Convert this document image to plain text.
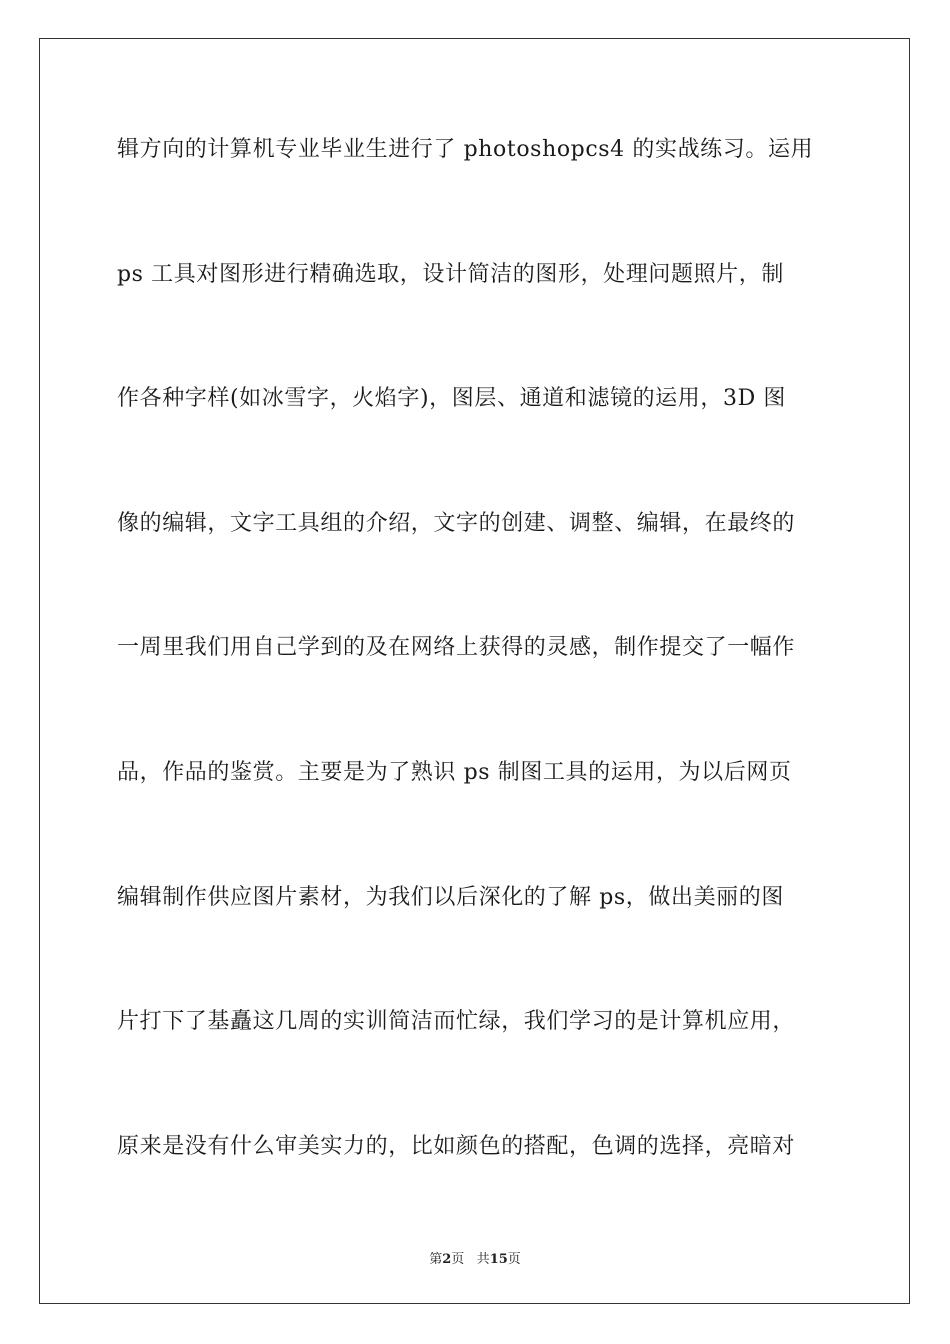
辑方向的计算机专业毕业生进行了 photoshopcs4 的实战练习。运用
ps 工具对图形进行精确选取，设计简洁的图形，处理问题照片，制
作各种字样(如冰雪字，火焰字)，图层、通道和滤镜的运用，3D 图
像的编辑，文字工具组的介绍，文字的创建、调整、编辑，在最终的
一周里我们用自己学到的及在网络上获得的灵感，制作提交了一幅作
品，作品的鉴赏。主要是为了熟识 ps 制图工具的运用，为以后网页
编辑制作供应图片素材，为我们以后深化的了解 ps，做出美丽的图
片打下了基矗这几周的实训简洁而忙绿，我们学习的是计算机应用，
原来是没有什么审美实力的，比如颜色的搭配，色调的选择，亮暗对
第2页 共15页
